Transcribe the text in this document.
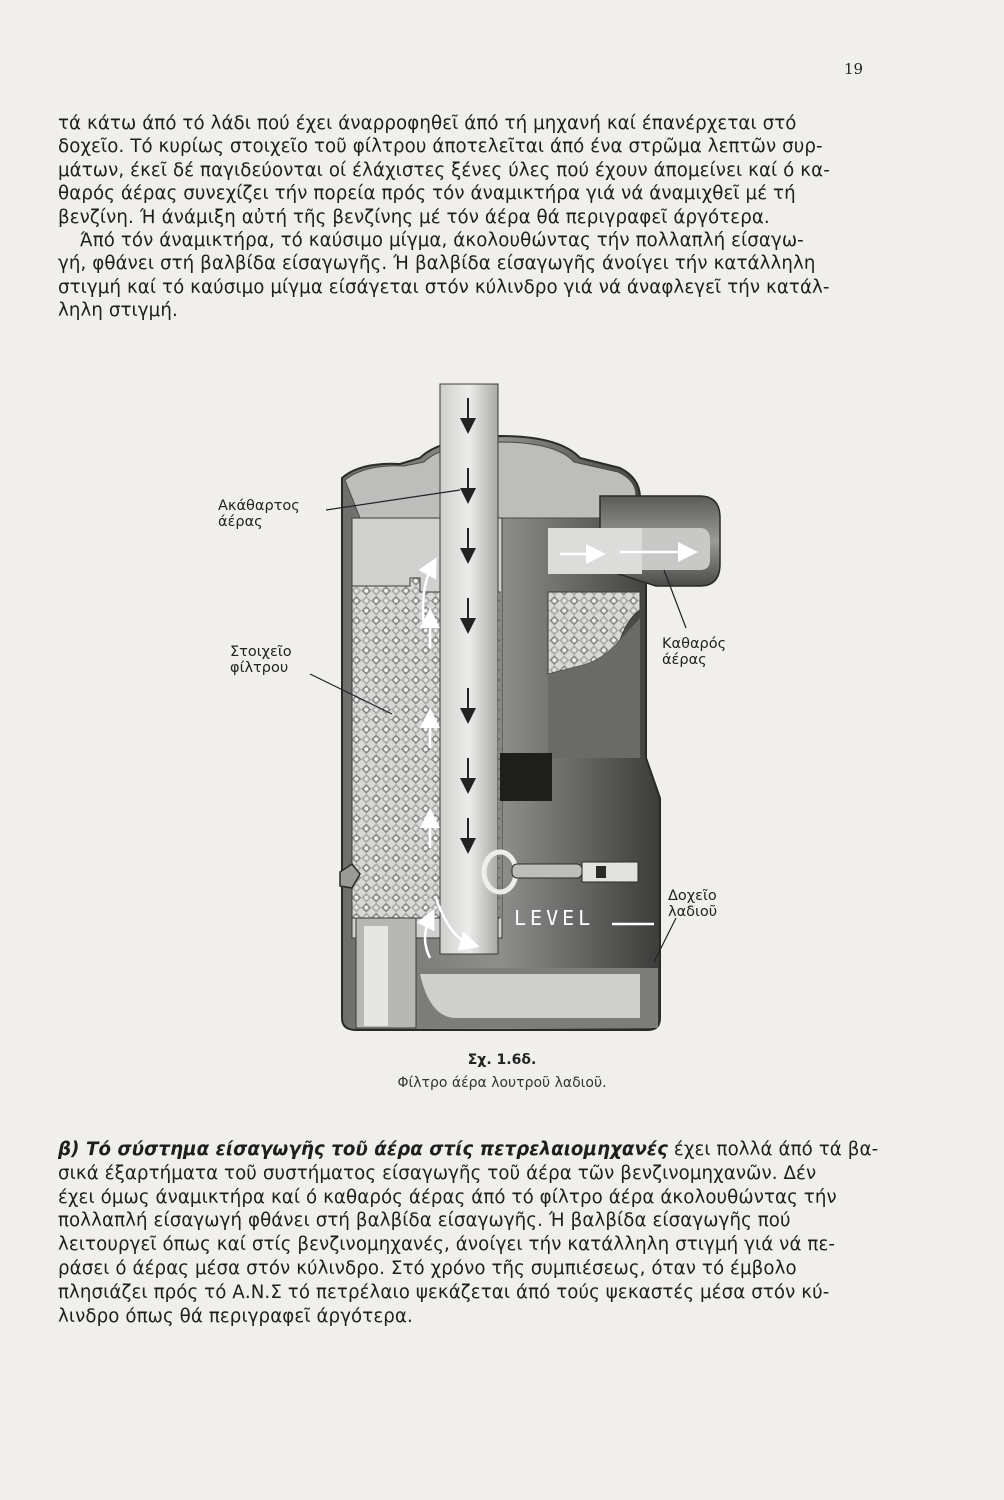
19

τά κάτω άπό τό λάδι πού έχει άναρροφηθεῖ άπό τή μηχανή καί έπανέρχεται στό

δοχεῖο. Τό κυρίως στοιχεῖο τοῦ φίλτρου άποτελεῖται άπό ένα στρῶμα λεπτῶν συρ-

μάτων, έκεῖ δέ παγιδεύονται οί έλάχιστες ξένες ύλες πού έχουν άπομείνει καί ό κα-

θαρός άέρας συνεχίζει τήν πορεία πρός τόν άναμικτήρα γιά νά άναμιχθεῖ μέ τή

βενζίνη. Ή άνάμιξη αὐτή τῆς βενζίνης μέ τόν άέρα θά περιγραφεῖ άργότερα.

Άπό τόν άναμικτήρα, τό καύσιμο μίγμα, άκολουθώντας τήν πολλαπλή είσαγω-

γή, φθάνει στή βαλβίδα είσαγωγῆς. Ή βαλβίδα είσαγωγῆς άνοίγει τήν κατάλληλη

στιγμή καί τό καύσιμο μίγμα είσάγεται στόν κύλινδρο γιά νά άναφλεγεῖ τήν κατάλ-

ληλη στιγμή.

Ακάθαρτος
άέρας
Στοιχεῖο
φίλτρου
Καθαρός
άέρας
Δοχεῖο
λαδιοῦ
LEVEL
Σχ. 1.6δ.
Φίλτρο άέρα λουτροῦ λαδιοῦ.

β) Τό σύστημα είσαγωγῆς τοῦ άέρα στίς πετρελαιομηχανές έχει πολλά άπό τά βα-

σικά έξαρτήματα τοῦ συστήματος είσαγωγῆς τοῦ άέρα τῶν βενζινομηχανῶν. Δέν

έχει όμως άναμικτήρα καί ό καθαρός άέρας άπό τό φίλτρο άέρα άκολουθώντας τήν

πολλαπλή είσαγωγή φθάνει στή βαλβίδα είσαγωγῆς. Ή βαλβίδα είσαγωγῆς πού

λειτουργεῖ όπως καί στίς βενζινομηχανές, άνοίγει τήν κατάλληλη στιγμή γιά νά πε-

ράσει ό άέρας μέσα στόν κύλινδρο. Στό χρόνο τῆς συμπιέσεως, όταν τό έμβολο

πλησιάζει πρός τό Α.Ν.Σ τό πετρέλαιο ψεκάζεται άπό τούς ψεκαστές μέσα στόν κύ-

λινδρο όπως θά περιγραφεῖ άργότερα.
